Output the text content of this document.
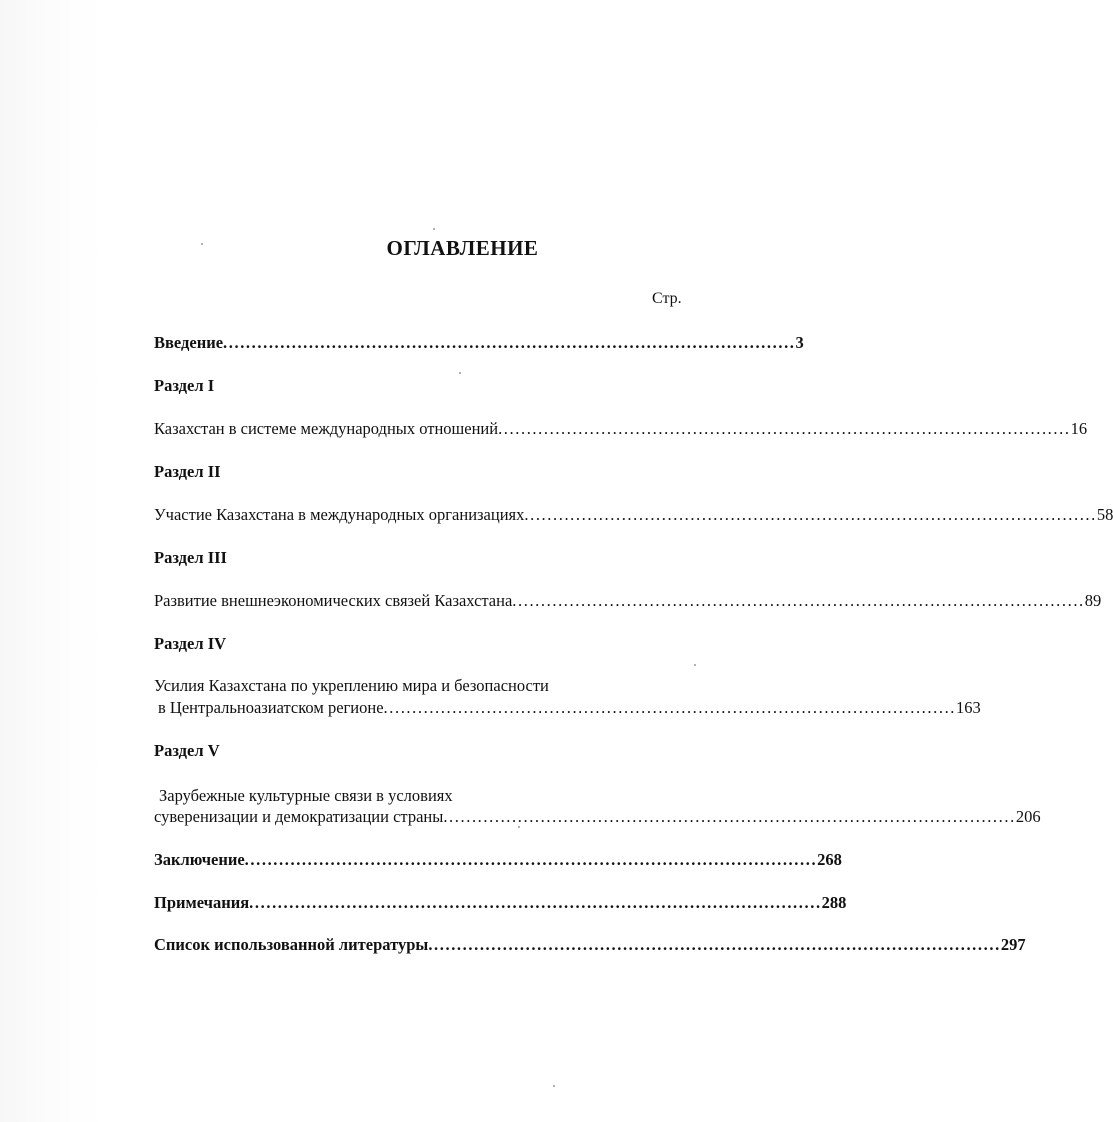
ОГЛАВЛЕНИЕ
Стр.
Введение .................................................................................................... 3
Раздел I
Казахстан в системе международных отношений .................................................................................................... 16
Раздел II
Участие Казахстана в международных организациях .................................................................................................... 58
Раздел III
Развитие внешнеэкономических связей Казахстана .................................................................................................... 89
Раздел IV
Усилия Казахстана по укреплению мира и безопасности
в Центральноазиатском регионе .................................................................................................... 163
Раздел V
Зарубежные культурные связи в условиях
суверенизации и демократизации страны .................................................................................................... 206
Заключение .................................................................................................... 268
Примечания .................................................................................................... 288
Список использованной литературы .................................................................................................... 297
